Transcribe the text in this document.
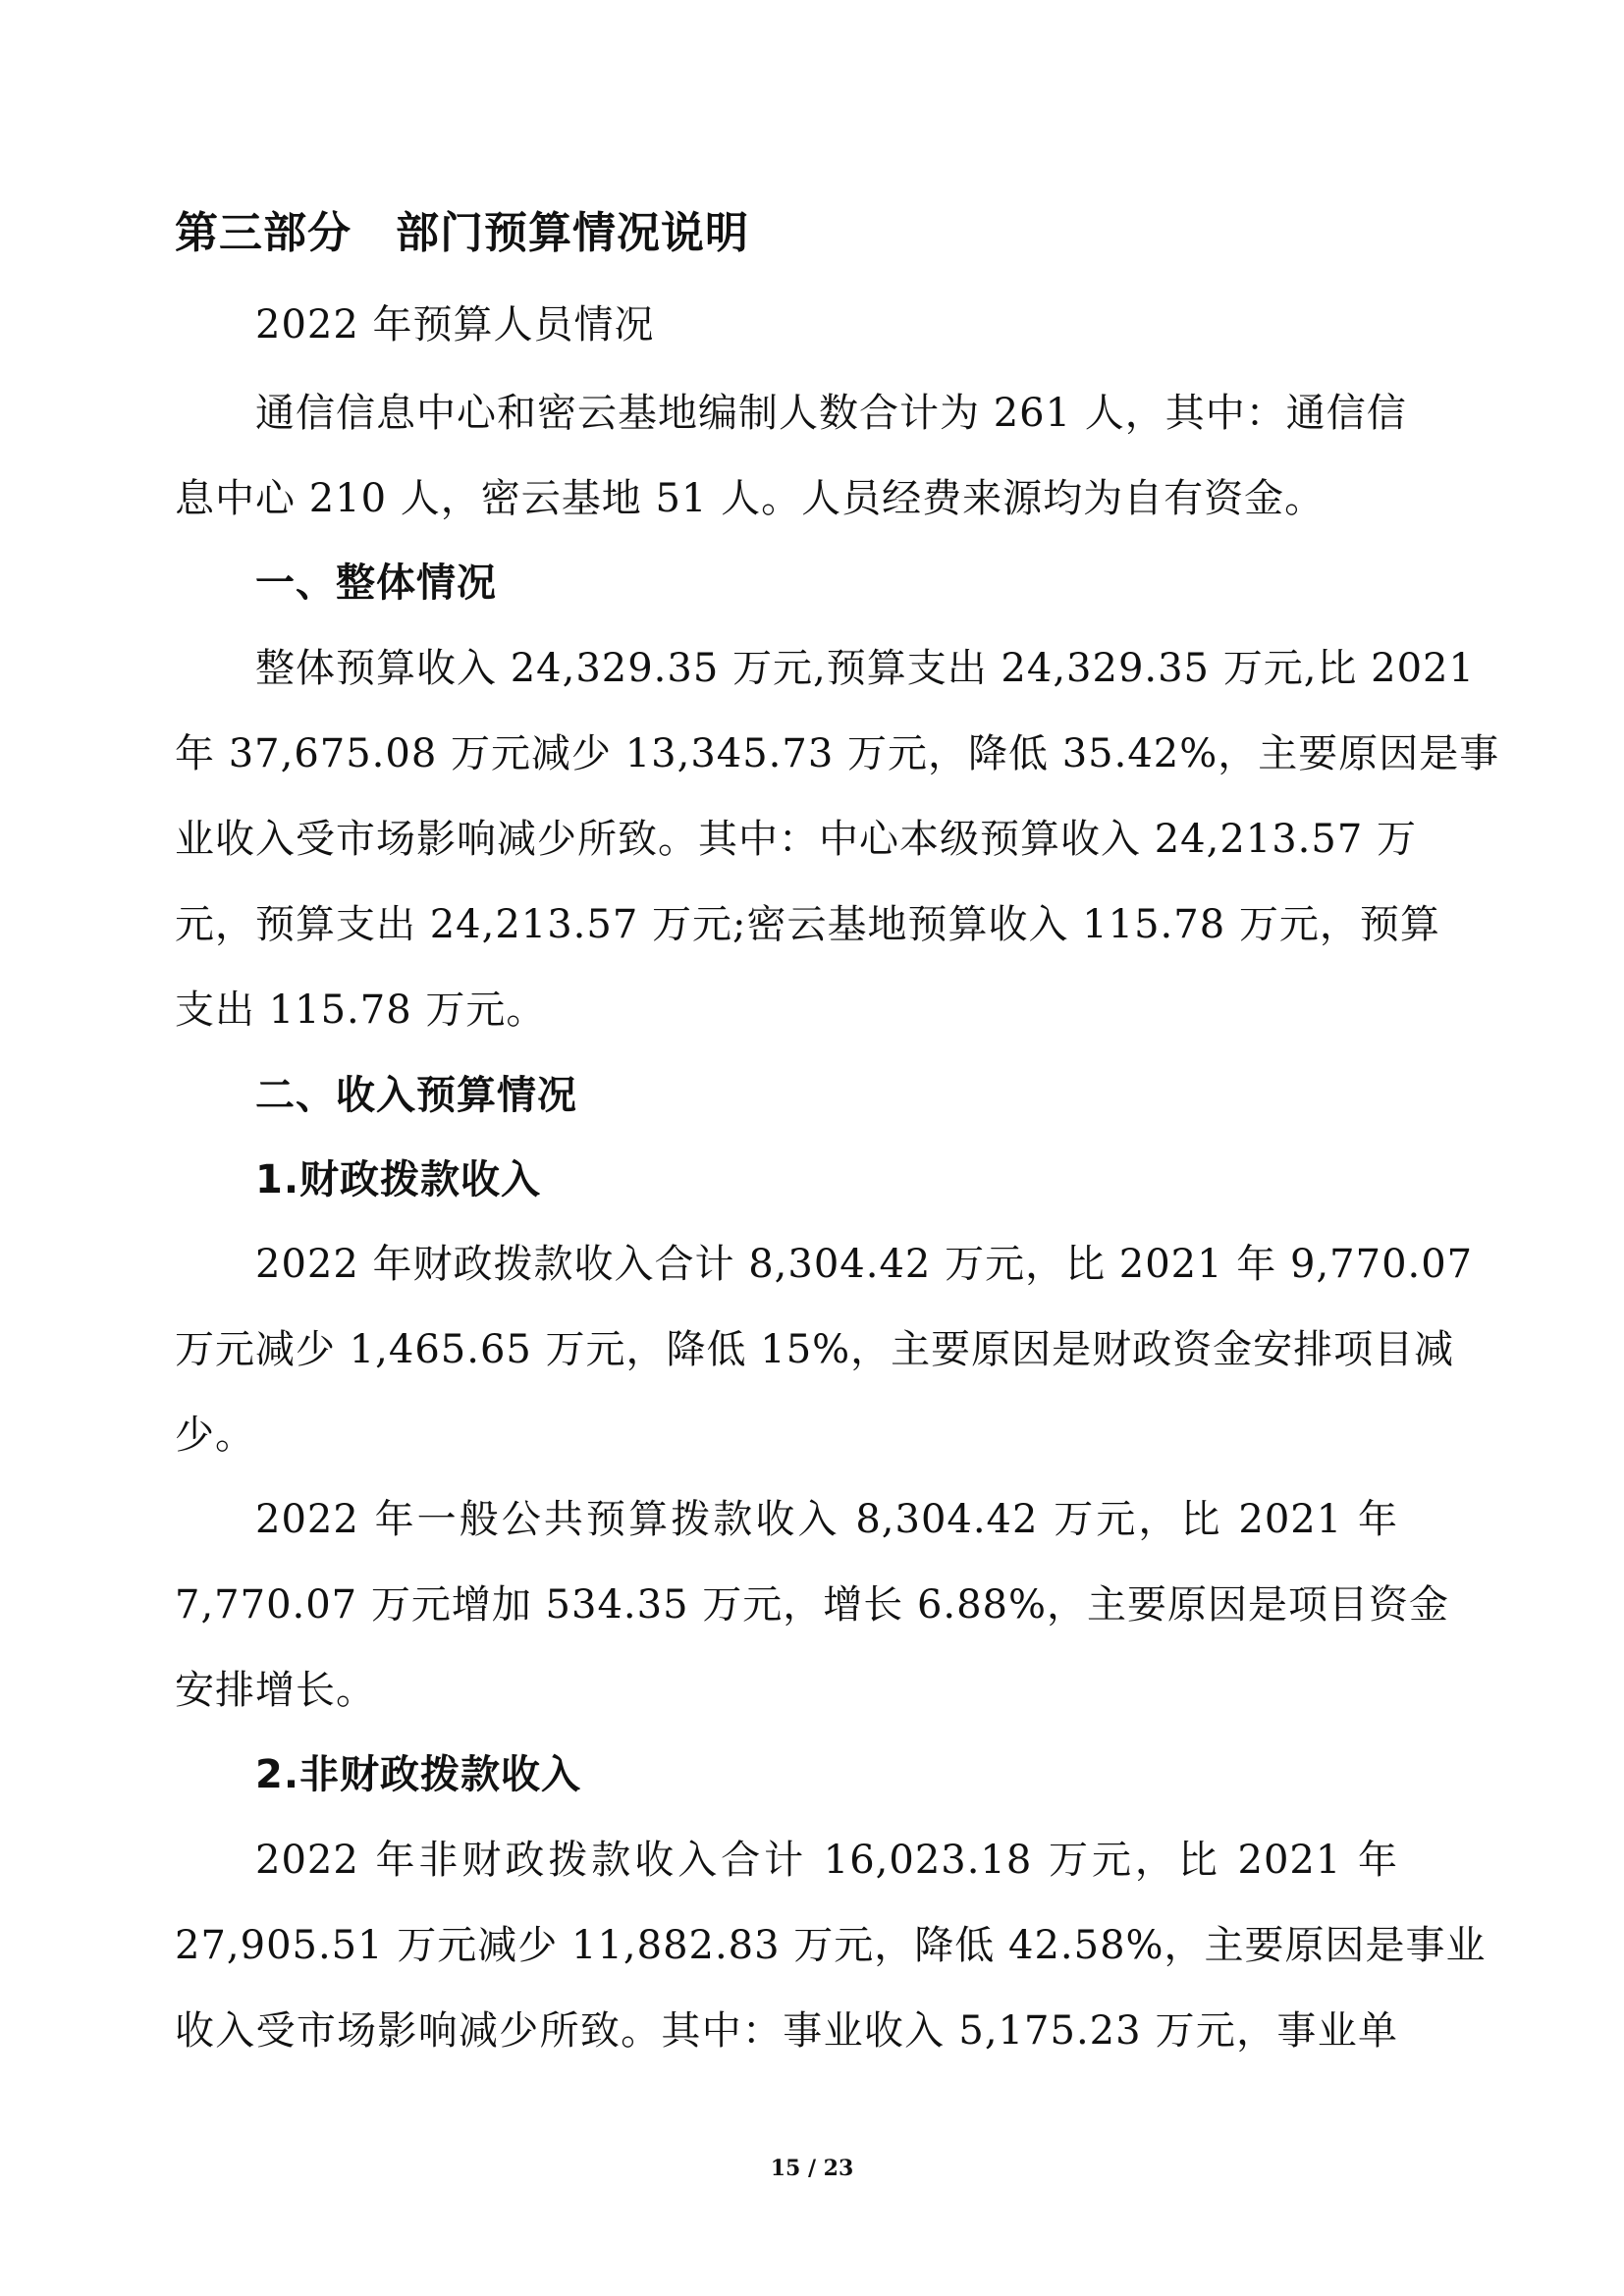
第三部分　部门预算情况说明
2022 年预算人员情况
通信信息中心和密云基地编制人数合计为 261 人，其中：通信信
息中心 210 人，密云基地 51 人。人员经费来源均为自有资金。
一、整体情况
整体预算收入 24,329.35 万元,预算支出 24,329.35 万元,比 2021
年 37,675.08 万元减少 13,345.73 万元，降低 35.42%，主要原因是事
业收入受市场影响减少所致。其中：中心本级预算收入 24,213.57 万
元，预算支出 24,213.57 万元;密云基地预算收入 115.78 万元，预算
支出 115.78 万元。
二、收入预算情况
1.财政拨款收入
2022 年财政拨款收入合计 8,304.42 万元，比 2021 年 9,770.07
万元减少 1,465.65 万元，降低 15%，主要原因是财政资金安排项目减
少。
2022 年一般公共预算拨款收入 8,304.42 万元，比 2021 年
7,770.07 万元增加 534.35 万元，增长 6.88%，主要原因是项目资金
安排增长。
2.非财政拨款收入
2022 年非财政拨款收入合计 16,023.18 万元，比 2021 年
27,905.51 万元减少 11,882.83 万元，降低 42.58%，主要原因是事业
收入受市场影响减少所致。其中：事业收入 5,175.23 万元，事业单
15 / 23
